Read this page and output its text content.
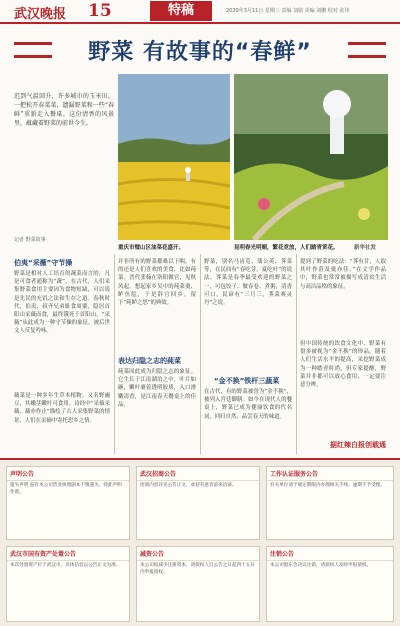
武汉晚报 15	特稿	2020年3月11日 星期三 责编 刘婧 美编 刘鹏 校对 张伟
野菜 有故事的“春鲜”
迟到气温回升，许多城市的玉米田，一把松开春菜菜，遗漏野菜和一些“春鲜”重新走入餐桌。这份清香的风景里，蕴藏着野菜的前世今生。
记者 野菜故事
重庆市璧山区油菜花盛开。	昆明春光明媚，繁花竞放，人们踏青赏花。	新华社发
伯夷“采薇”守节操
野菜是相对人工培育的蔬菜而言的，凡是可食者通称为“蔬”，在古代，人们采集野菜食用主要因为食物短缺，可以说是先民的充饥之法和生存之道。春秋时代，伯夷、叔齐兄弟耻食周粟，隐居首阳山采薇而食，最终饿死于首阳山。“采薇”从此成为一种守节操的象征，被后世文人反复吟咏。
薇菜是一种多年生草本植物，又名野豌豆，其嫩茎嫩叶可食用。诗经中“采薇采薇，薇亦作止”描绘了古人采集野菜的情景，人们在采摘中寄托思乡之情。
并非所有的野菜都难以下咽，有的还是人们喜欢的美食，比如莼菜。晋代张翰在洛阳做官，见秋风起，想起家乡吴中的莼菜羹、鲈鱼脍，于是辞官回乡，留下“莼鲈之思”的典故。
表达归隐之志的莼菜
莼菜因此成为归隐之志的象征。它生长于江南湖泊之中，叶片如碗，嫩叶裹着透明胶质，入口滑嫩清香，是江南春天餐桌上的佳品。
野菜，别名马齿苋、蒲公英、荠菜等，在民间有“春吃芽，夏吃叶”的说法。荠菜是春季最受欢迎的野菜之一，可包饺子、做春卷、煮粥，清香可口，民谚有“三月三，荠菜赛灵丹”之说。
“金不换”铁杆三蔬菜
在古代，有的野菜被誉为“金不换”，被列入宫廷御膳。如今在现代人的餐桌上，野菜已成为健康饮食的代名词，回归自然、品尝春天的味道。
提到了野菜的吃法：“荠有甘，人取其叶作菹及羹亦佳。”在文学作品中，野菜也常常被描写成清贫生活与高洁品格的象征。
但中国传统的饮食文化中，野菜有很多被视为“金不换”的珍品。随着人们生活水平的提高，采挖野菜成为一种踏青时尚，但专家提醒，野菜并非都可以放心食用，一定要注意分辨。
据红辣白报创载通
声明公告
遗失声明 兹有本公司营业执照副本不慎遗失，特此声明作废。
武汉招商公告
招商内容详见公告正文，欢迎有意者前来洽谈。
工作认证服务公告
有关单位请于规定期限内办理相关手续，逾期不予受理。
武汉市国有资产处置公告
本次处置资产位于武汉市，具体信息以公告正文为准。
减资公告
本公司拟减少注册资本，请债权人自公告之日起四十五日内申报债权。
注销公告
本公司股东会决议注销，请债权人及时申报债权。
